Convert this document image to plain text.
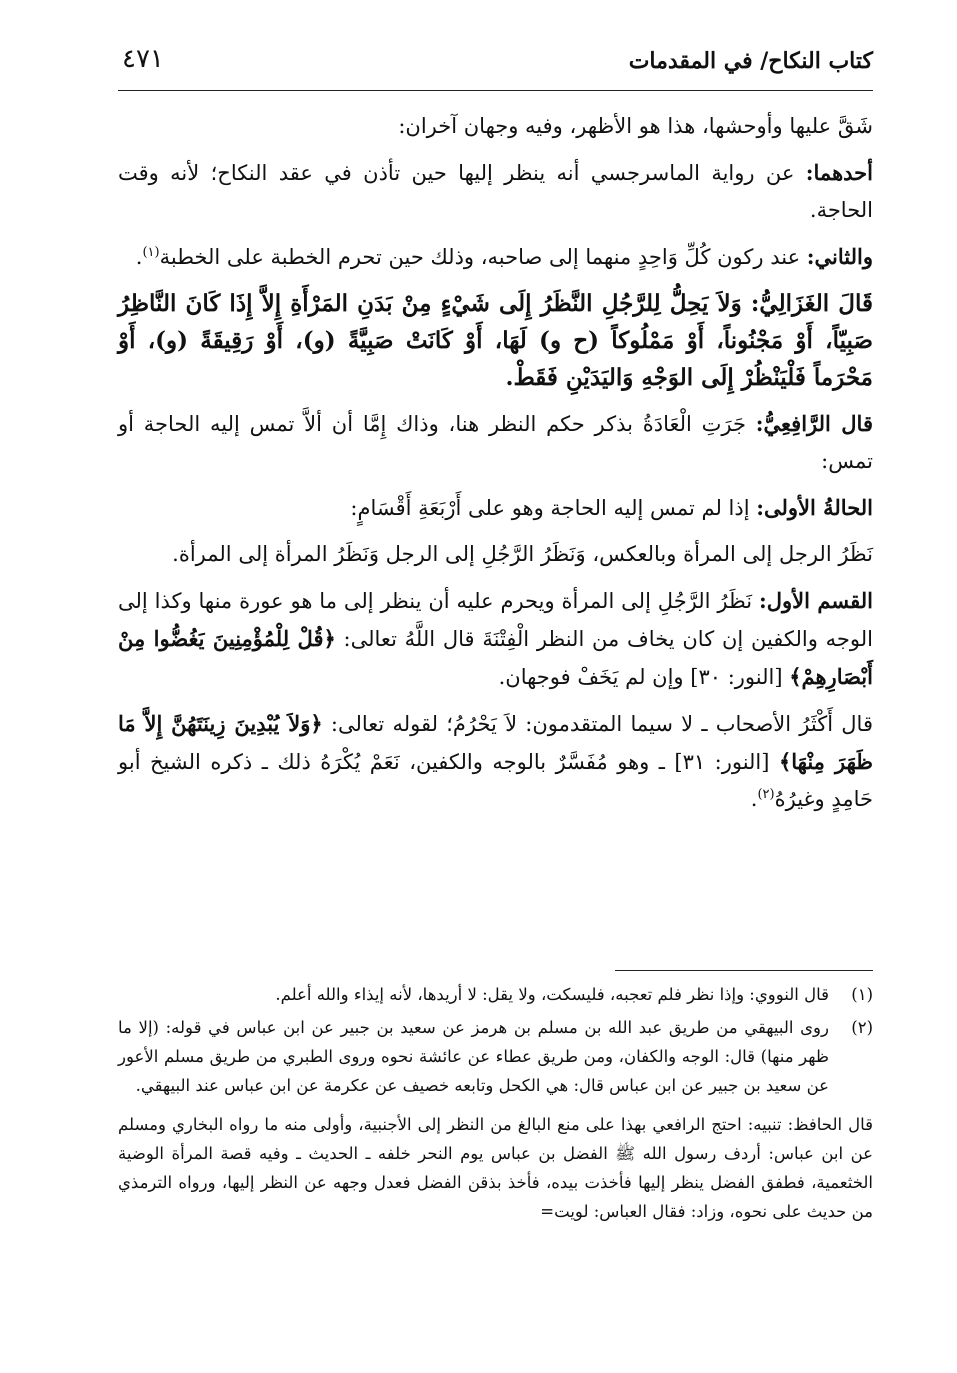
٤٧١	كتاب النكاح/ في المقدمات

شَقَّ عليها وأوحشها، هذا هو الأظهر، وفيه وجهان آخران:

أحدهما: عن رواية الماسرجسي أنه ينظر إليها حين تأذن في عقد النكاح؛ لأنه وقت الحاجة.

والثاني: عند ركون كُلِّ وَاحِدٍ منهما إلى صاحبه، وذلك حين تحرم الخطبة على الخطبة$^{(١)}$.

قَالَ الغَزَالِيُّ: وَلاَ يَحِلُّ لِلرَّجُلِ النَّظَرُ إِلَى شَيْءٍ مِنْ بَدَنِ المَرْأَةِ إِلاَّ إِذَا كَانَ النَّاظِرُ صَبِيّاً، أَوْ مَجْنُوناً، أَوْ مَمْلُوكاً (ح و) لَهَا، أَوْ كَانَتْ صَبِيَّةً (و)، أَوْ رَقِيقَةً (و)، أَوْ مَحْرَماً فَلْيَنْظُرْ إِلَى الوَجْهِ وَاليَدَيْنِ فَقَطْ.

قال الرَّافِعِيُّ: جَرَتِ الْعَادَةُ بذكر حكم النظر هنا، وذاك إِمَّا أن ألاَّ تمس إليه الحاجة أو تمس:

الحالةُ الأولى: إذا لم تمس إليه الحاجة وهو على أَرْبَعَةِ أَقْسَامٍ:

نَظَرُ الرجل إلى المرأة وبالعكس، وَنَظَرُ الرَّجُلِ إلى الرجل وَنَظَرُ المرأة إلى المرأة.

القسم الأول: نَظَرُ الرَّجُلِ إلى المرأة ويحرم عليه أن ينظر إلى ما هو عورة منها وكذا إلى الوجه والكفين إن كان يخاف من النظر الْفِتْنَةَ قال اللَّهُ تعالى: ﴿قُلْ لِلْمُؤْمِنِينَ يَغُضُّوا مِنْ أَبْصَارِهِمْ﴾ [النور: ٣٠] وإن لم يَخَفْ فوجهان.

قال أَكْثَرُ الأصحاب ـ لا سيما المتقدمون: لاَ يَحْرُمُ؛ لقوله تعالى: ﴿وَلاَ يُبْدِينَ زِينَتَهُنَّ إِلاَّ مَا ظَهَرَ مِنْهَا﴾ [النور: ٣١] ـ وهو مُفَسَّرٌ بالوجه والكفين، نَعَمْ يُكْرَهُ ذلك ـ ذكره الشيخ أبو حَامِدٍ وغيرُهُ$^{(٢)}$.

(١)

قال النووي: وإذا نظر فلم تعجبه، فليسكت، ولا يقل: لا أريدها، لأنه إيذاء والله أعلم.

(٢)

روى البيهقي من طريق عبد الله بن مسلم بن هرمز عن سعيد بن جبير عن ابن عباس في قوله: (إلا ما ظهر منها) قال: الوجه والكفان، ومن طريق عطاء عن عائشة نحوه وروى الطبري من طريق مسلم الأعور عن سعيد بن جبير عن ابن عباس قال: هي الكحل وتابعه خصيف عن عكرمة عن ابن عباس عند البيهقي.

قال الحافظ: تنبيه: احتج الرافعي بهذا على منع البالغ من النظر إلى الأجنبية، وأولى منه ما رواه البخاري ومسلم عن ابن عباس: أردف رسول الله ﷺ الفضل بن عباس يوم النحر خلفه ـ الحديث ـ وفيه قصة المرأة الوضية الخثعمية، فطفق الفضل ينظر إليها فأخذت بيده، فأخذ بذقن الفضل فعدل وجهه عن النظر إليها، ورواه الترمذي من حديث على نحوه، وزاد: فقال العباس: لويت=
